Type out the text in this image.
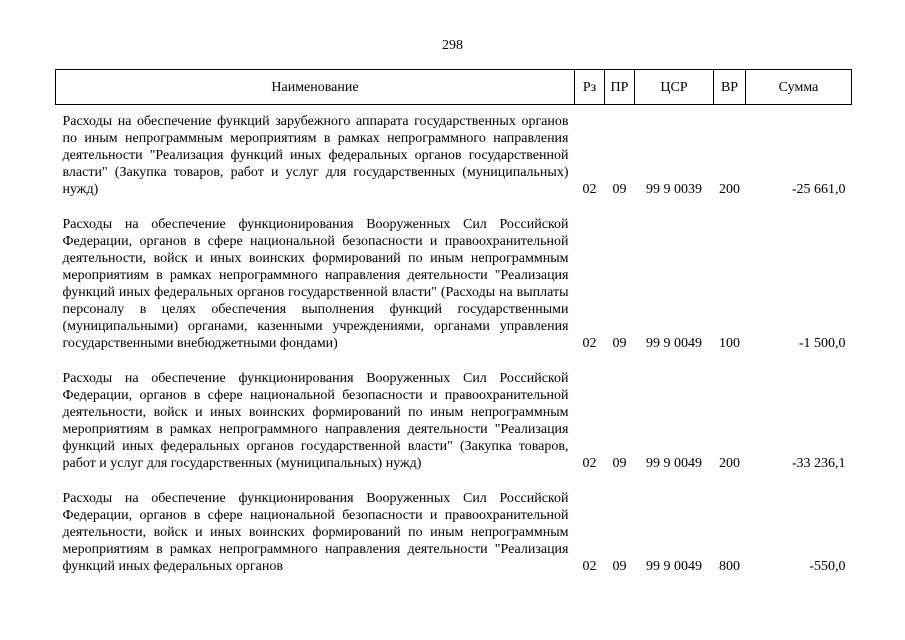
298
Наименование	Рз	ПР	ЦСР	ВР	Сумма
Расходы на обеспечение функций зарубежного аппарата государственных органов по иным непрограммным мероприятиям в рамках непрограммного направления деятельности "Реализация функций иных федеральных органов государственной власти" (Закупка товаров, работ и услуг для государственных (муниципальных) нужд)	02	09	99 9 0039	200	-25 661,0

Расходы на обеспечение функционирования Вооруженных Сил Российской Федерации, органов в сфере национальной безопасности и правоохранительной деятельности, войск и иных воинских формирований по иным непрограммным мероприятиям в рамках непрограммного направления деятельности "Реализация функций иных федеральных органов государственной власти" (Расходы на выплаты персоналу в целях обеспечения выполнения функций государственными (муниципальными) органами, казенными учреждениями, органами управления государственными внебюджетными фондами)	02	09	99 9 0049	100	-1 500,0

Расходы на обеспечение функционирования Вооруженных Сил Российской Федерации, органов в сфере национальной безопасности и правоохранительной деятельности, войск и иных воинских формирований по иным непрограммным мероприятиям в рамках непрограммного направления деятельности "Реализация функций иных федеральных органов государственной власти" (Закупка товаров, работ и услуг для государственных (муниципальных) нужд)	02	09	99 9 0049	200	-33 236,1

Расходы на обеспечение функционирования Вооруженных Сил Российской Федерации, органов в сфере национальной безопасности и правоохранительной деятельности, войск и иных воинских формирований по иным непрограммным мероприятиям в рамках непрограммного направления деятельности "Реализация функций иных федеральных органов	02	09	99 9 0049	800	-550,0
